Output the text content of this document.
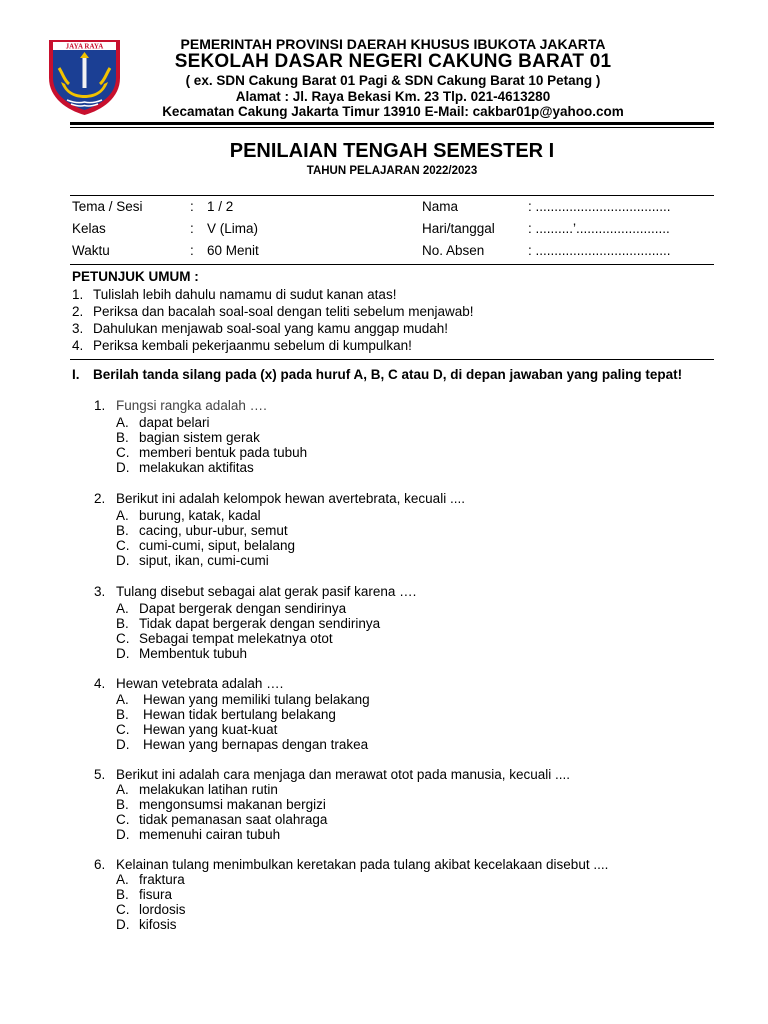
JAYA RAYA	PEMERINTAH PROVINSI DAERAH KHUSUS IBUKOTA JAKARTA
SEKOLAH DASAR NEGERI CAKUNG BARAT 01
( ex. SDN Cakung Barat 01 Pagi & SDN Cakung Barat 10 Petang )
Alamat : Jl. Raya Bekasi Km. 23 Tlp. 021-4613280
Kecamatan Cakung Jakarta Timur 13910 E-Mail: cakbar01p@yahoo.com
PENILAIAN TENGAH SEMESTER I
TAHUN PELAJARAN 2022/2023
Tema / Sesi	: 1 / 2	Nama	: ....................................
Kelas	: V (Lima)	Hari/tanggal : ..........’.........................
Waktu	: 60 Menit	No. Absen	: ....................................
PETUNJUK UMUM :
1. Tulislah lebih dahulu namamu di sudut kanan atas!
2. Periksa dan bacalah soal-soal dengan teliti sebelum menjawab!
3. Dahulukan menjawab soal-soal yang kamu anggap mudah!
4. Periksa kembali pekerjaanmu sebelum di kumpulkan!
I. Berilah tanda silang pada (x) pada huruf A, B, C atau D, di depan jawaban yang paling tepat!
1. Fungsi rangka adalah ….
A. dapat belari
B. bagian sistem gerak
C. memberi bentuk pada tubuh
D. melakukan aktifitas
2. Berikut ini adalah kelompok hewan avertebrata, kecuali ....
A. burung, katak, kadal
B. cacing, ubur-ubur, semut
C. cumi-cumi, siput, belalang
D. siput, ikan, cumi-cumi
3. Tulang disebut sebagai alat gerak pasif karena ….
A. Dapat bergerak dengan sendirinya
B. Tidak dapat bergerak dengan sendirinya
C. Sebagai tempat melekatnya otot
D. Membentuk tubuh
4. Hewan vetebrata adalah ….
A. Hewan yang memiliki tulang belakang
B. Hewan tidak bertulang belakang
C. Hewan yang kuat-kuat
D. Hewan yang bernapas dengan trakea
5. Berikut ini adalah cara menjaga dan merawat otot pada manusia, kecuali ....
A. melakukan latihan rutin
B. mengonsumsi makanan bergizi
C. tidak pemanasan saat olahraga
D. memenuhi cairan tubuh
6. Kelainan tulang menimbulkan keretakan pada tulang akibat kecelakaan disebut ....
A. fraktura
B. fisura
C. lordosis
D. kifosis
